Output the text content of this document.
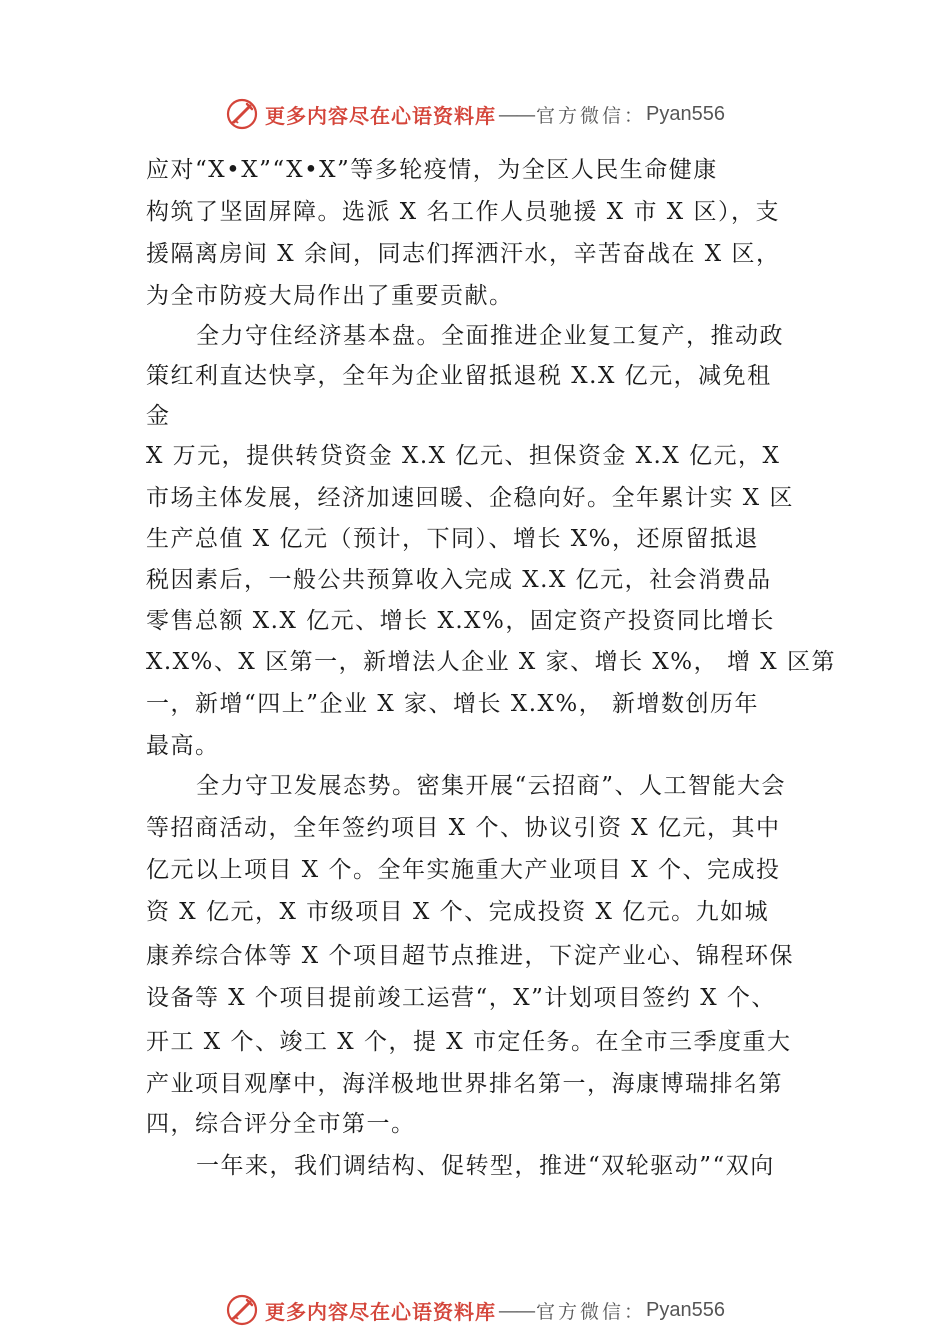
更多内容尽在心语资料库 —— 官方微信： Pyan556
应对“X•X”“X•X”等多轮疫情，为全区人民生命健康
构筑了坚固屏障。选派 X 名工作人员驰援 X 市 X 区），支
援隔离房间 X 余间，同志们挥洒汗水，辛苦奋战在 X 区，
为全市防疫大局作出了重要贡献。
全力守住经济基本盘。全面推进企业复工复产，推动政
策红利直达快享，全年为企业留抵退税 X.X 亿元，减免租
金
X 万元，提供转贷资金 X.X 亿元、担保资金 X.X 亿元，X
市场主体发展，经济加速回暖、企稳向好。全年累计实 X 区
生产总值 X 亿元（预计，下同）、增长 X%，还原留抵退
税因素后，一般公共预算收入完成 X.X 亿元，社会消费品
零售总额 X.X 亿元、增长 X.X%，固定资产投资同比增长
X.X%、X 区第一，新增法人企业 X 家、增长 X%， 增 X 区第
一，新增“四上”企业 X 家、增长 X.X%， 新增数创历年
最高。
全力守卫发展态势。密集开展“云招商”、人工智能大会
等招商活动，全年签约项目 X 个、协议引资 X 亿元，其中
亿元以上项目 X 个。全年实施重大产业项目 X 个、完成投
资 X 亿元，X 市级项目 X 个、完成投资 X 亿元。九如城
康养综合体等 X 个项目超节点推进，下淀产业心、锦程环保
设备等 X 个项目提前竣工运营“，X”计划项目签约 X 个、
开工 X 个、竣工 X 个，提 X 市定任务。在全市三季度重大
产业项目观摩中，海洋极地世界排名第一，海康博瑞排名第
四，综合评分全市第一。
一年来，我们调结构、促转型，推进“双轮驱动”“双向
更多内容尽在心语资料库 —— 官方微信： Pyan556
